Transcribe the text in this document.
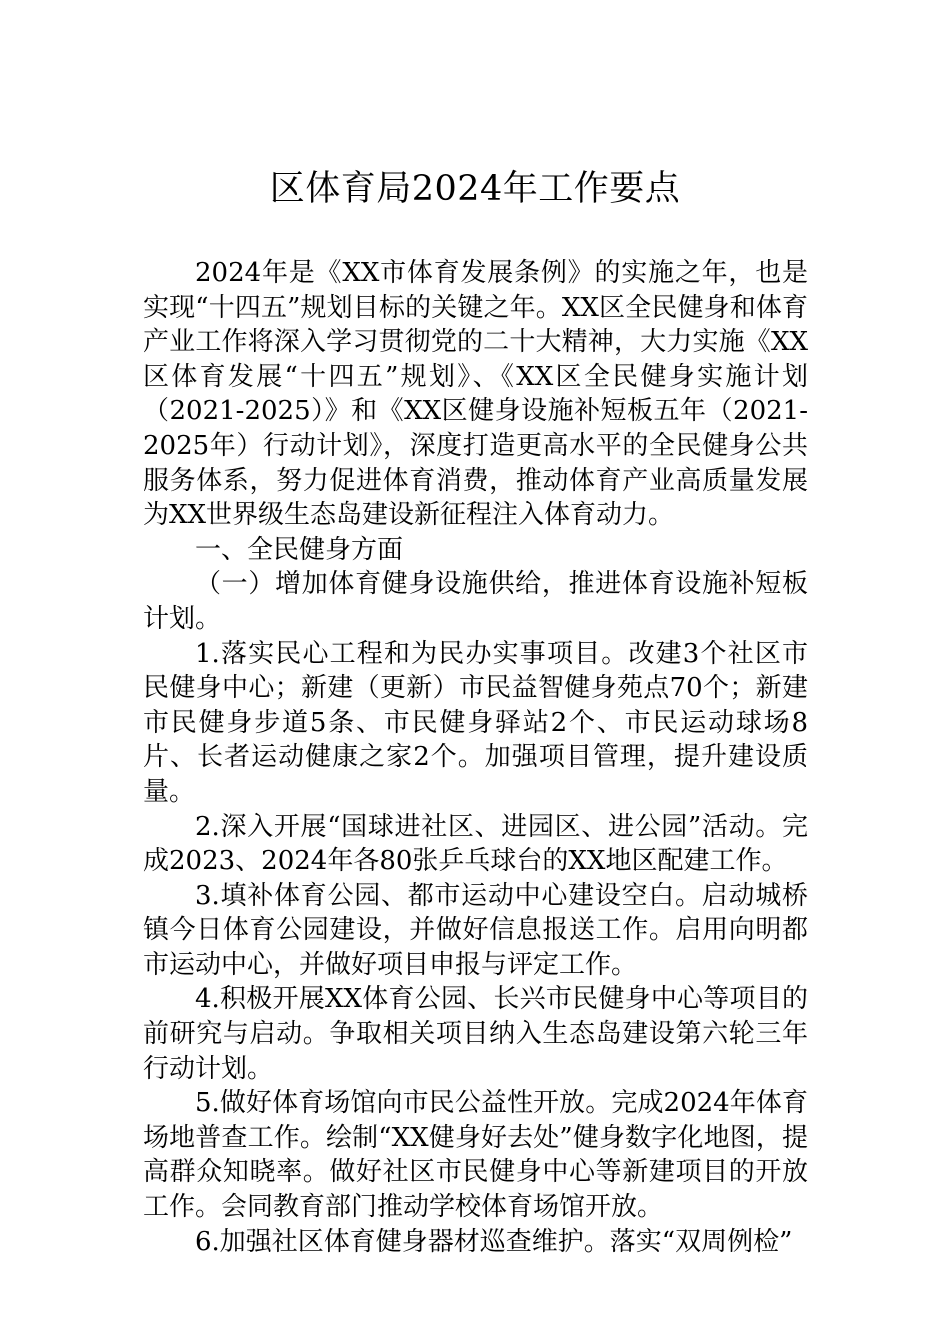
区体育局2024年工作要点

2024年是《XX市体育发展条例》的实施之年，也是实现“十四五”规划目标的关键之年。XX区全民健身和体育产业工作将深入学习贯彻党的二十大精神，大力实施《XX区体育发展“十四五”规划》、《XX区全民健身实施计划（2021-2025）》和《XX区健身设施补短板五年（2021-2025年）行动计划》，深度打造更高水平的全民健身公共服务体系，努力促进体育消费，推动体育产业高质量发展为XX世界级生态岛建设新征程注入体育动力。

一、全民健身方面

（一）增加体育健身设施供给，推进体育设施补短板计划。

1.落实民心工程和为民办实事项目。改建3个社区市民健身中心；新建（更新）市民益智健身苑点70个；新建市民健身步道5条、市民健身驿站2个、市民运动球场8片、长者运动健康之家2个。加强项目管理，提升建设质量。

2.深入开展“国球进社区、进园区、进公园”活动。完成2023、2024年各80张乒乓球台的XX地区配建工作。

3.填补体育公园、都市运动中心建设空白。启动城桥镇今日体育公园建设，并做好信息报送工作。启用向明都市运动中心，并做好项目申报与评定工作。

4.积极开展XX体育公园、长兴市民健身中心等项目的前研究与启动。争取相关项目纳入生态岛建设第六轮三年行动计划。

5.做好体育场馆向市民公益性开放。完成2024年体育场地普查工作。绘制“XX健身好去处”健身数字化地图，提高群众知晓率。做好社区市民健身中心等新建项目的开放工作。会同教育部门推动学校体育场馆开放。

6.加强社区体育健身器材巡查维护。落实“双周例检”
